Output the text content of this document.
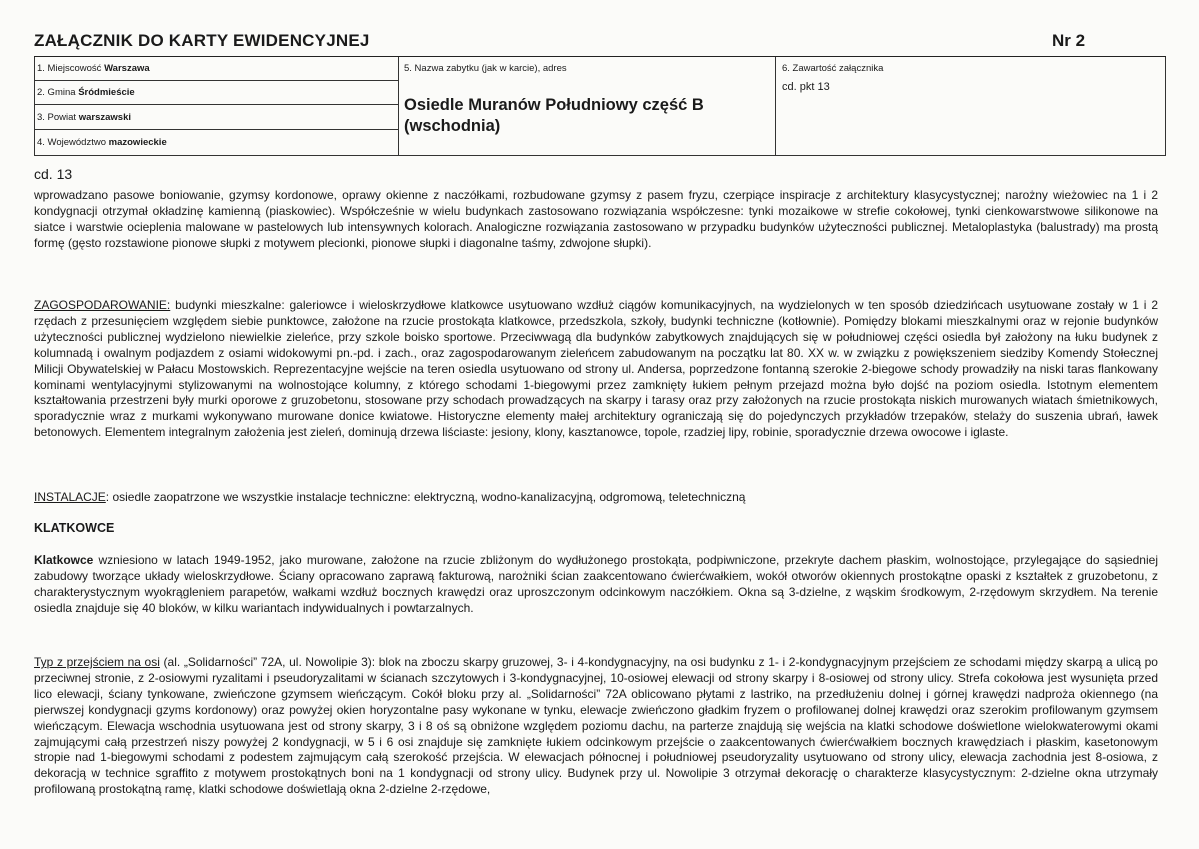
ZAŁĄCZNIK DO KARTY EWIDENCYJNEJ	Nr 2
1. Miejscowość Warszawa
2. Gmina Śródmieście
3. Powiat warszawski
4. Województwo mazowieckie
5. Nazwa zabytku (jak w karcie), adres
Osiedle Muranów Południowy część B (wschodnia)
6. Zawartość załącznika
cd. pkt 13
cd. 13
wprowadzano pasowe boniowanie, gzymsy kordonowe, oprawy okienne z naczółkami, rozbudowane gzymsy z pasem fryzu, czerpiące inspiracje z architektury klasycystycznej; narożny wieżowiec na 1 i 2 kondygnacji otrzymał okładzinę kamienną (piaskowiec). Współcześnie w wielu budynkach zastosowano rozwiązania współczesne: tynki mozaikowe w strefie cokołowej, tynki cienkowarstwowe silikonowe na siatce i warstwie ocieplenia malowane w pastelowych lub intensywnych kolorach. Analogiczne rozwiązania zastosowano w przypadku budynków użyteczności publicznej. Metaloplastyka (balustrady) ma prostą formę (gęsto rozstawione pionowe słupki z motywem plecionki, pionowe słupki i diagonalne taśmy, zdwojone słupki).
ZAGOSPODAROWANIE: budynki mieszkalne: galeriowce i wieloskrzydłowe klatkowce usytuowano wzdłuż ciągów komunikacyjnych, na wydzielonych w ten sposób dziedzińcach usytuowane zostały w 1 i 2 rzędach z przesunięciem względem siebie punktowce, założone na rzucie prostokąta klatkowce, przedszkola, szkoły, budynki techniczne (kotłownie). Pomiędzy blokami mieszkalnymi oraz w rejonie budynków użyteczności publicznej wydzielono niewielkie zieleńce, przy szkole boisko sportowe. Przeciwwagą dla budynków zabytkowych znajdujących się w południowej części osiedla był założony na łuku budynek z kolumnadą i owalnym podjazdem z osiami widokowymi pn.-pd. i zach., oraz zagospodarowanym zieleńcem zabudowanym na początku lat 80. XX w. w związku z powiększeniem siedziby Komendy Stołecznej Milicji Obywatelskiej w Pałacu Mostowskich. Reprezentacyjne wejście na teren osiedla usytuowano od strony ul. Andersa, poprzedzone fontanną szerokie 2-biegowe schody prowadziły na niski taras flankowany kominami wentylacyjnymi stylizowanymi na wolnostojące kolumny, z którego schodami 1-biegowymi przez zamknięty łukiem pełnym przejazd można było dojść na poziom osiedla. Istotnym elementem kształtowania przestrzeni były murki oporowe z gruzobetonu, stosowane przy schodach prowadzących na skarpy i tarasy oraz przy założonych na rzucie prostokąta niskich murowanych wiatach śmietnikowych, sporadycznie wraz z murkami wykonywano murowane donice kwiatowe. Historyczne elementy małej architektury ograniczają się do pojedynczych przykładów trzepaków, stelaży do suszenia ubrań, ławek betonowych. Elementem integralnym założenia jest zieleń, dominują drzewa liściaste: jesiony, klony, kasztanowce, topole, rzadziej lipy, robinie, sporadycznie drzewa owocowe i iglaste.
INSTALACJE: osiedle zaopatrzone we wszystkie instalacje techniczne: elektryczną, wodno-kanalizacyjną, odgromową, teletechniczną
KLATKOWCE
Klatkowce wzniesiono w latach 1949-1952, jako murowane, założone na rzucie zbliżonym do wydłużonego prostokąta, podpiwniczone, przekryte dachem płaskim, wolnostojące, przylegające do sąsiedniej zabudowy tworzące układy wieloskrzydłowe. Ściany opracowano zaprawą fakturową, narożniki ścian zaakcentowano ćwierćwałkiem, wokół otworów okiennych prostokątne opaski z kształtek z gruzobetonu, z charakterystycznym wyokrągleniem parapetów, wałkami wzdłuż bocznych krawędzi oraz uproszczonym odcinkowym naczółkiem. Okna są 3-dzielne, z wąskim środkowym, 2-rzędowym skrzydłem. Na terenie osiedla znajduje się 40 bloków, w kilku wariantach indywidualnych i powtarzalnych.
Typ z przejściem na osi (al. „Solidarności” 72A, ul. Nowolipie 3): blok na zboczu skarpy gruzowej, 3- i 4-kondygnacyjny, na osi budynku z 1- i 2-kondygnacyjnym przejściem ze schodami między skarpą a ulicą po przeciwnej stronie, z 2-osiowymi ryzalitami i pseudoryzalitami w ścianach szczytowych i 3-kondygnacyjnej, 10-osiowej elewacji od strony skarpy i 8-osiowej od strony ulicy. Strefa cokołowa jest wysunięta przed lico elewacji, ściany tynkowane, zwieńczone gzymsem wieńczącym. Cokół bloku przy al. „Solidarności” 72A oblicowano płytami z lastriko, na przedłużeniu dolnej i górnej krawędzi nadproża okiennego (na pierwszej kondygnacji gzyms kordonowy) oraz powyżej okien horyzontalne pasy wykonane w tynku, elewacje zwieńczono gładkim fryzem o profilowanej dolnej krawędzi oraz szerokim profilowanym gzymsem wieńczącym. Elewacja wschodnia usytuowana jest od strony skarpy, 3 i 8 oś są obniżone względem poziomu dachu, na parterze znajdują się wejścia na klatki schodowe doświetlone wielokwaterowymi okami zajmującymi całą przestrzeń niszy powyżej 2 kondygnacji, w 5 i 6 osi znajduje się zamknięte łukiem odcinkowym przejście o zaakcentowanych ćwierćwałkiem bocznych krawędziach i płaskim, kasetonowym stropie nad 1-biegowymi schodami z podestem zajmującym całą szerokość przejścia. W elewacjach północnej i południowej pseudoryzality usytuowano od strony ulicy, elewacja zachodnia jest 8-osiowa, z dekoracją w technice sgraffito z motywem prostokątnych boni na 1 kondygnacji od strony ulicy. Budynek przy ul. Nowolipie 3 otrzymał dekorację o charakterze klasycystycznym: 2-dzielne okna utrzymały profilowaną prostokątną ramę, klatki schodowe doświetlają okna 2-dzielne 2-rzędowe,
